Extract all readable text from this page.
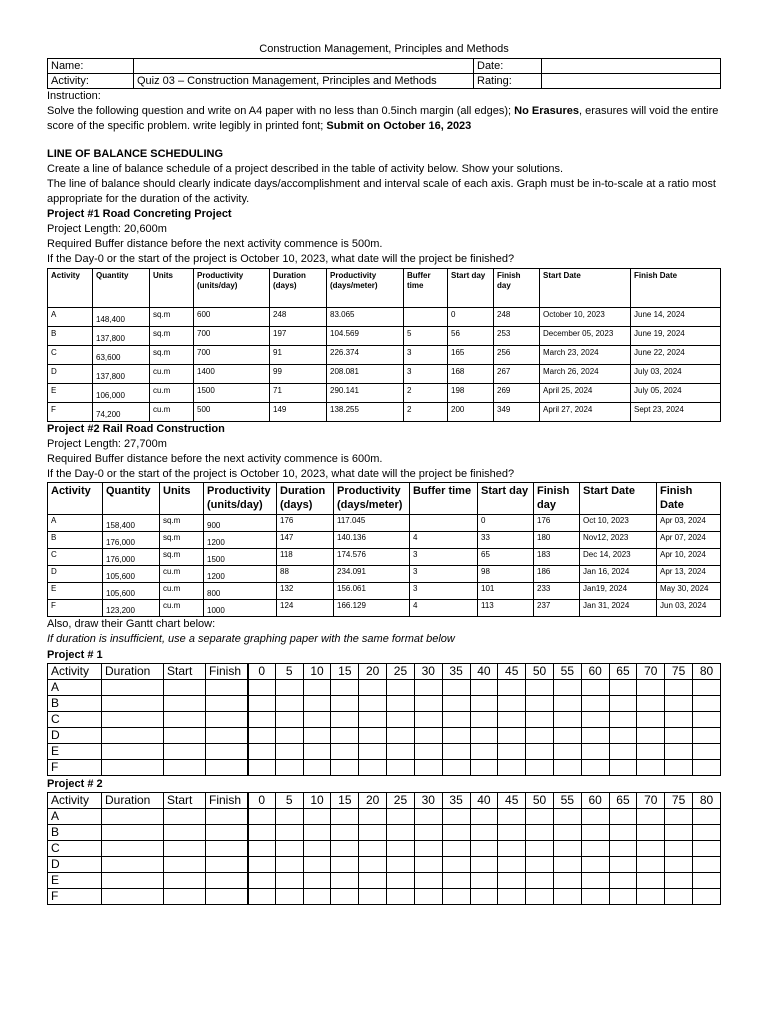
Construction Management, Principles and Methods
Name:		Date:	
Activity:	Quiz 03 – Construction Management, Principles and Methods	Rating:	
Instruction:
Solve the following question and write on A4 paper with no less than 0.5inch margin (all edges); No Erasures, erasures will void the entire score of the specific problem. write legibly in printed font; Submit on October 16, 2023
LINE OF BALANCE SCHEDULING
Create a line of balance schedule of a project described in the table of activity below. Show your solutions.
The line of balance should clearly indicate days/accomplishment and interval scale of each axis. Graph must be in-to-scale at a ratio most appropriate for the duration of the activity.
Project #1 Road Concreting Project
Project Length: 20,600m
Required Buffer distance before the next activity commence is 500m.
If the Day-0 or the start of the project is October 10, 2023, what date will the project be finished?
Activity	Quantity	Units	Productivity (units/day)	Duration (days)	Productivity (days/meter)	Buffer time	Start day	Finish day	Start Date	Finish Date
A	148,400	sq.m	600	248	83.065		0	248	October 10, 2023	June 14, 2024
B	137,800	sq.m	700	197	104.569	5	56	253	December 05, 2023	June 19, 2024
C	63,600	sq.m	700	91	226.374	3	165	256	March 23, 2024	June 22, 2024
D	137,800	cu.m	1400	99	208.081	3	168	267	March 26, 2024	July 03, 2024
E	106,000	cu.m	1500	71	290.141	2	198	269	April 25, 2024	July 05, 2024
F	74,200	cu.m	500	149	138.255	2	200	349	April 27, 2024	Sept 23, 2024
Project #2 Rail Road Construction
Project Length: 27,700m
Required Buffer distance before the next activity commence is 600m.
If the Day-0 or the start of the project is October 10, 2023, what date will the project be finished?
Activity	Quantity	Units	Productivity (units/day)	Duration (days)	Productivity (days/meter)	Buffer time	Start day	Finish day	Start Date	Finish Date
A	158,400	sq.m	900	176	117.045		0	176	Oct 10, 2023	Apr 03, 2024
B	176,000	sq.m	1200	147	140.136	4	33	180	Nov12, 2023	Apr 07, 2024
C	176,000	sq.m	1500	118	174.576	3	65	183	Dec 14, 2023	Apr 10, 2024
D	105,600	cu.m	1200	88	234.091	3	98	186	Jan 16, 2024	Apr 13, 2024
E	105,600	cu.m	800	132	156.061	3	101	233	Jan19, 2024	May 30, 2024
F	123,200	cu.m	1000	124	166.129	4	113	237	Jan 31, 2024	Jun 03, 2024
Also, draw their Gantt chart below:
If duration is insufficient, use a separate graphing paper with the same format below
Project # 1
Activity	Duration	Start	Finish	0	5	10	15	20	25	30	35	40	45	50	55	60	65	70	75	80
A																				
B																				
C																				
D																				
E																				
F																				
Project # 2
Activity	Duration	Start	Finish	0	5	10	15	20	25	30	35	40	45	50	55	60	65	70	75	80
A																				
B																				
C																				
D																				
E																				
F																				
